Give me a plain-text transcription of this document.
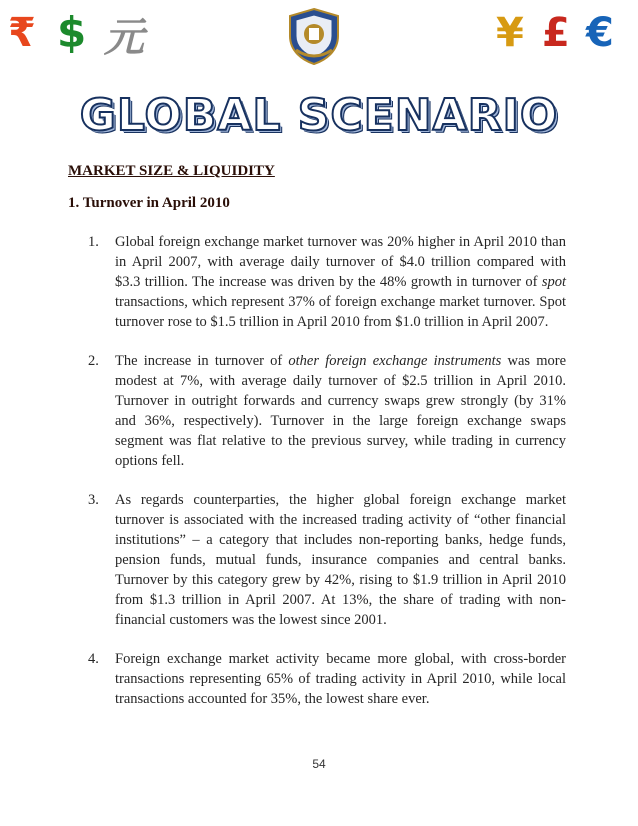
₹ $ 元	¥ £ €
GLOBAL SCENARIO
MARKET SIZE & LIQUIDITY
1. Turnover in April 2010
1. Global foreign exchange market turnover was 20% higher in April 2010 than in April 2007, with average daily turnover of $4.0 trillion compared with $3.3 trillion. The increase was driven by the 48% growth in turnover of spot transactions, which represent 37% of foreign exchange market turnover. Spot turnover rose to $1.5 trillion in April 2010 from $1.0 trillion in April 2007.
2. The increase in turnover of other foreign exchange instruments was more modest at 7%, with average daily turnover of $2.5 trillion in April 2010. Turnover in outright forwards and currency swaps grew strongly (by 31% and 36%, respectively). Turnover in the large foreign exchange swaps segment was flat relative to the previous survey, while trading in currency options fell.
3. As regards counterparties, the higher global foreign exchange market turnover is associated with the increased trading activity of “other financial institutions” – a category that includes non-reporting banks, hedge funds, pension funds, mutual funds, insurance companies and central banks. Turnover by this category grew by 42%, rising to $1.9 trillion in April 2010 from $1.3 trillion in April 2007. At 13%, the share of trading with non-financial customers was the lowest since 2001.
4. Foreign exchange market activity became more global, with cross-border transactions representing 65% of trading activity in April 2010, while local transactions accounted for 35%, the lowest share ever.
54
